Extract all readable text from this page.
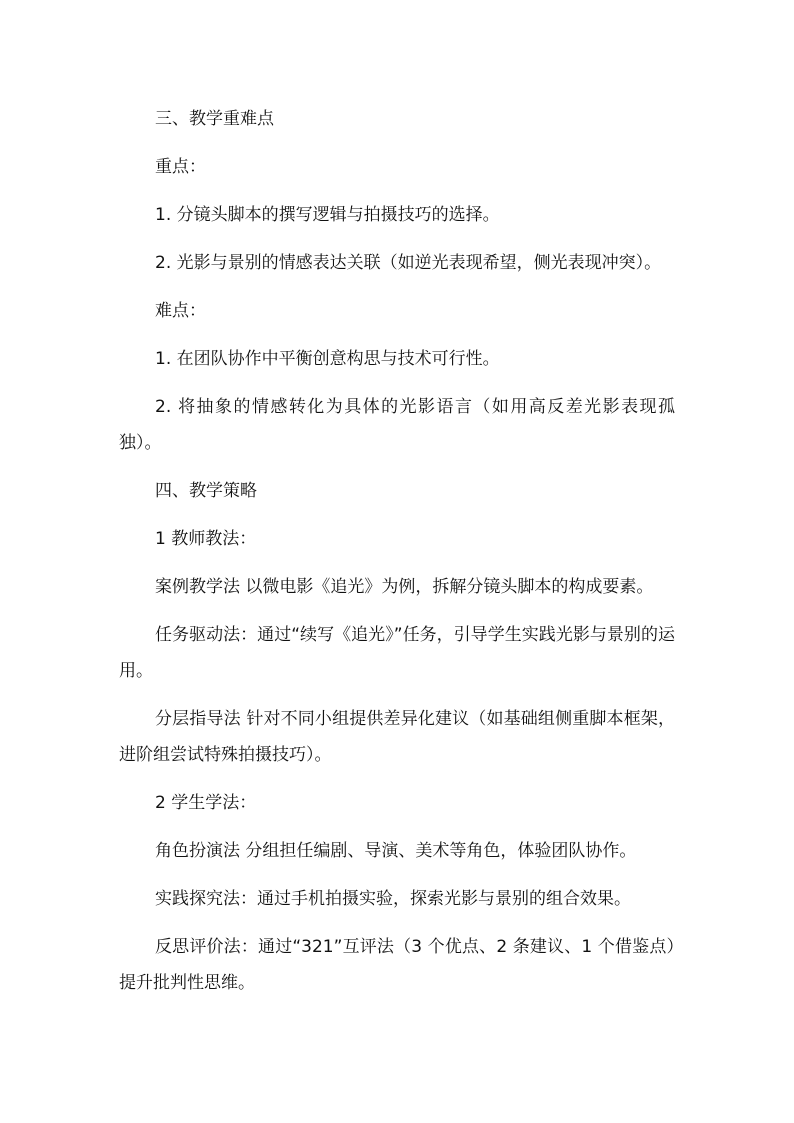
三、教学重难点

重点：

1. 分镜头脚本的撰写逻辑与拍摄技巧的选择。

2. 光影与景别的情感表达关联（如逆光表现希望，侧光表现冲突）。

难点：

1. 在团队协作中平衡创意构思与技术可行性。

2. 将抽象的情感转化为具体的光影语言（如用高反差光影表现孤独）。

四、教学策略

1 教师教法：

案例教学法 以微电影《追光》为例，拆解分镜头脚本的构成要素。

任务驱动法：通过“续写《追光》”任务，引导学生实践光影与景别的运用。

分层指导法 针对不同小组提供差异化建议（如基础组侧重脚本框架，进阶组尝试特殊拍摄技巧）。

2 学生学法：

角色扮演法 分组担任编剧、导演、美术等角色，体验团队协作。

实践探究法：通过手机拍摄实验，探索光影与景别的组合效果。

反思评价法：通过“321”互评法（3 个优点、2 条建议、1 个借鉴点）提升批判性思维。
